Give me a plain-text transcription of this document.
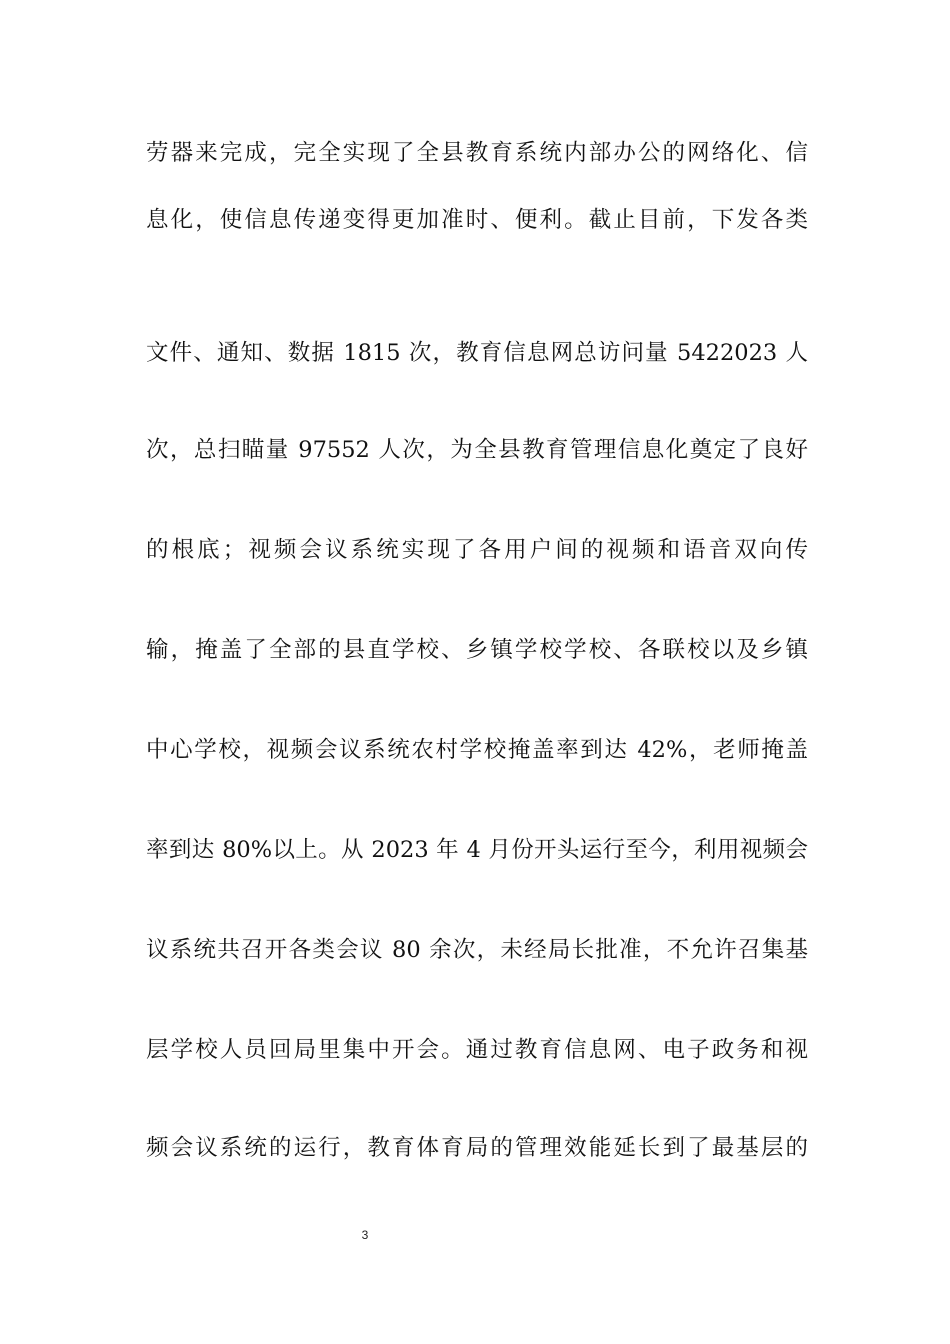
劳器来完成，完全实现了全县教育系统内部办公的网络化、信
息化，使信息传递变得更加准时、便利。截止目前，下发各类
文件、通知、数据 1815 次，教育信息网总访问量 5422023 人
次，总扫瞄量 97552 人次，为全县教育管理信息化奠定了良好
的根底；视频会议系统实现了各用户间的视频和语音双向传
输，掩盖了全部的县直学校、乡镇学校学校、各联校以及乡镇
中心学校，视频会议系统农村学校掩盖率到达 42%，老师掩盖
率到达 80%以上。从 2023 年 4 月份开头运行至今，利用视频会
议系统共召开各类会议 80 余次，未经局长批准，不允许召集基
层学校人员回局里集中开会。通过教育信息网、电子政务和视
频会议系统的运行，教育体育局的管理效能延长到了最基层的
3
